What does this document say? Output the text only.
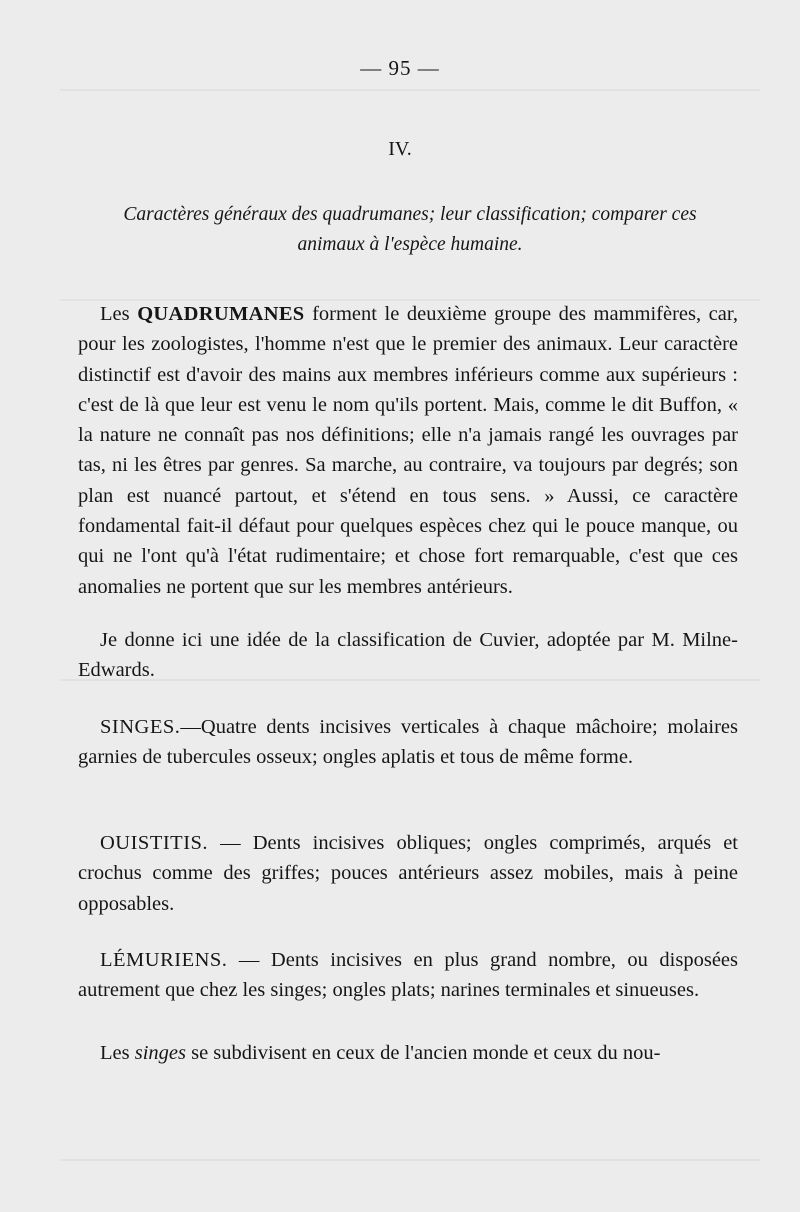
— 95 —
IV.
Caractères généraux des quadrumanes; leur classification; comparer ces
animaux à l'espèce humaine.
Les QUADRUMANES forment le deuxième groupe des mammifères, car, pour les zoologistes, l'homme n'est que le premier des animaux. Leur caractère distinctif est d'avoir des mains aux membres inférieurs comme aux supérieurs : c'est de là que leur est venu le nom qu'ils portent. Mais, comme le dit Buffon, « la nature ne connaît pas nos définitions; elle n'a jamais rangé les ouvrages par tas, ni les êtres par genres. Sa marche, au contraire, va toujours par degrés; son plan est nuancé partout, et s'étend en tous sens. » Aussi, ce caractère fondamental fait-il défaut pour quelques espèces chez qui le pouce manque, ou qui ne l'ont qu'à l'état rudimentaire; et chose fort remarquable, c'est que ces anomalies ne portent que sur les membres antérieurs.
Je donne ici une idée de la classification de Cuvier, adoptée par M. Milne-Edwards.
SINGES.—Quatre dents incisives verticales à chaque mâchoire; molaires garnies de tubercules osseux; ongles aplatis et tous de même forme.
OUISTITIS. — Dents incisives obliques; ongles comprimés, arqués et crochus comme des griffes; pouces antérieurs assez mobiles, mais à peine opposables.
LÉMURIENS. — Dents incisives en plus grand nombre, ou disposées autrement que chez les singes; ongles plats; narines terminales et sinueuses.
Les singes se subdivisent en ceux de l'ancien monde et ceux du nou-
